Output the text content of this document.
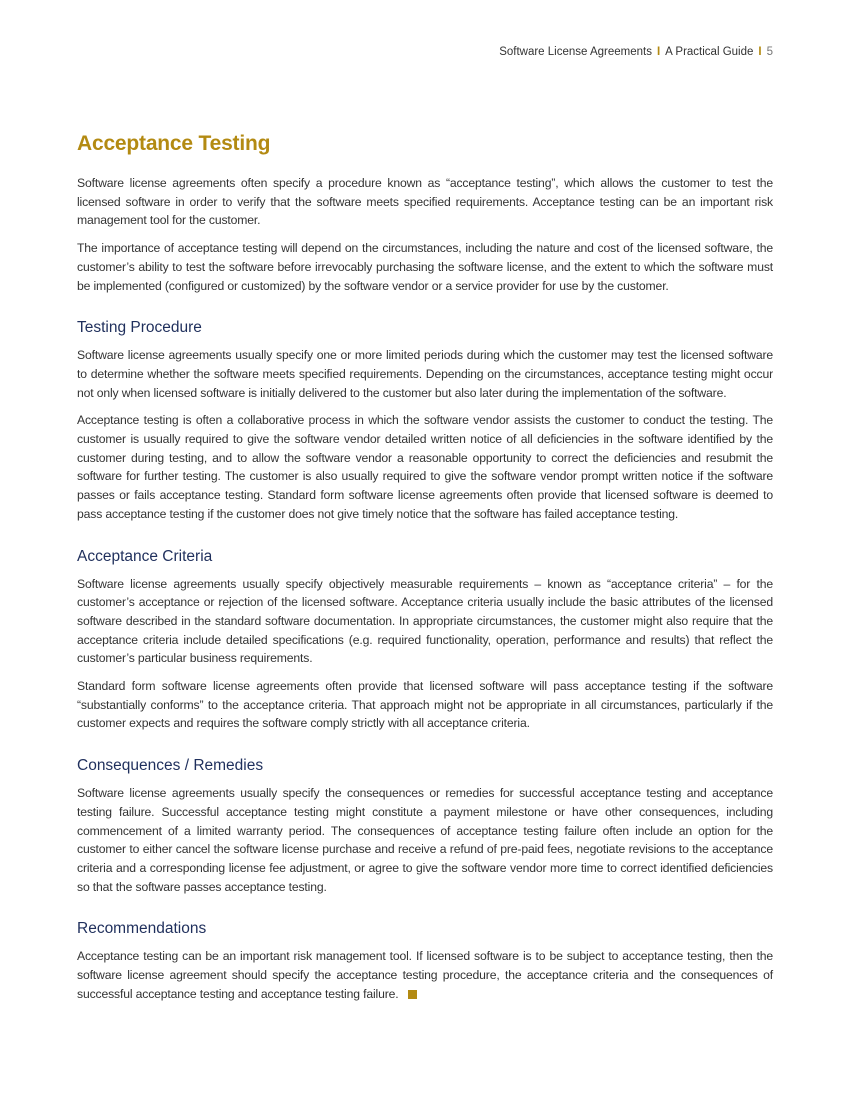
Software License Agreements I A Practical Guide I 5
Acceptance Testing

Software license agreements often specify a procedure known as “acceptance testing”, which allows the customer to test the licensed software in order to verify that the software meets specified requirements. Acceptance testing can be an important risk management tool for the customer.

The importance of acceptance testing will depend on the circumstances, including the nature and cost of the licensed software, the customer’s ability to test the software before irrevocably purchasing the software license, and the extent to which the software must be implemented (configured or customized) by the software vendor or a service provider for use by the customer.

Testing Procedure

Software license agreements usually specify one or more limited periods during which the customer may test the licensed software to determine whether the software meets specified requirements. Depending on the circumstances, acceptance testing might occur not only when licensed software is initially delivered to the customer but also later during the implementation of the software.

Acceptance testing is often a collaborative process in which the software vendor assists the customer to conduct the testing. The customer is usually required to give the software vendor detailed written notice of all deficiencies in the software identified by the customer during testing, and to allow the software vendor a reasonable opportunity to correct the deficiencies and resubmit the software for further testing. The customer is also usually required to give the software vendor prompt written notice if the software passes or fails acceptance testing. Standard form software license agreements often provide that licensed software is deemed to pass acceptance testing if the customer does not give timely notice that the software has failed acceptance testing.

Acceptance Criteria

Software license agreements usually specify objectively measurable requirements – known as “acceptance criteria” – for the customer’s acceptance or rejection of the licensed software. Acceptance criteria usually include the basic attributes of the licensed software described in the standard software documentation. In appropriate circumstances, the customer might also require that the acceptance criteria include detailed specifications (e.g. required functionality, operation, performance and results) that reflect the customer’s particular business requirements.

Standard form software license agreements often provide that licensed software will pass acceptance testing if the software “substantially conforms” to the acceptance criteria. That approach might not be appropriate in all circumstances, particularly if the customer expects and requires the software comply strictly with all acceptance criteria.

Consequences / Remedies

Software license agreements usually specify the consequences or remedies for successful acceptance testing and acceptance testing failure. Successful acceptance testing might constitute a payment milestone or have other consequences, including commencement of a limited warranty period. The consequences of acceptance testing failure often include an option for the customer to either cancel the software license purchase and receive a refund of pre-paid fees, negotiate revisions to the acceptance criteria and a corresponding license fee adjustment, or agree to give the software vendor more time to correct identified deficiencies so that the software passes acceptance testing.

Recommendations

Acceptance testing can be an important risk management tool. If licensed software is to be subject to acceptance testing, then the software license agreement should specify the acceptance testing procedure, the acceptance criteria and the consequences of successful acceptance testing and acceptance testing failure.
